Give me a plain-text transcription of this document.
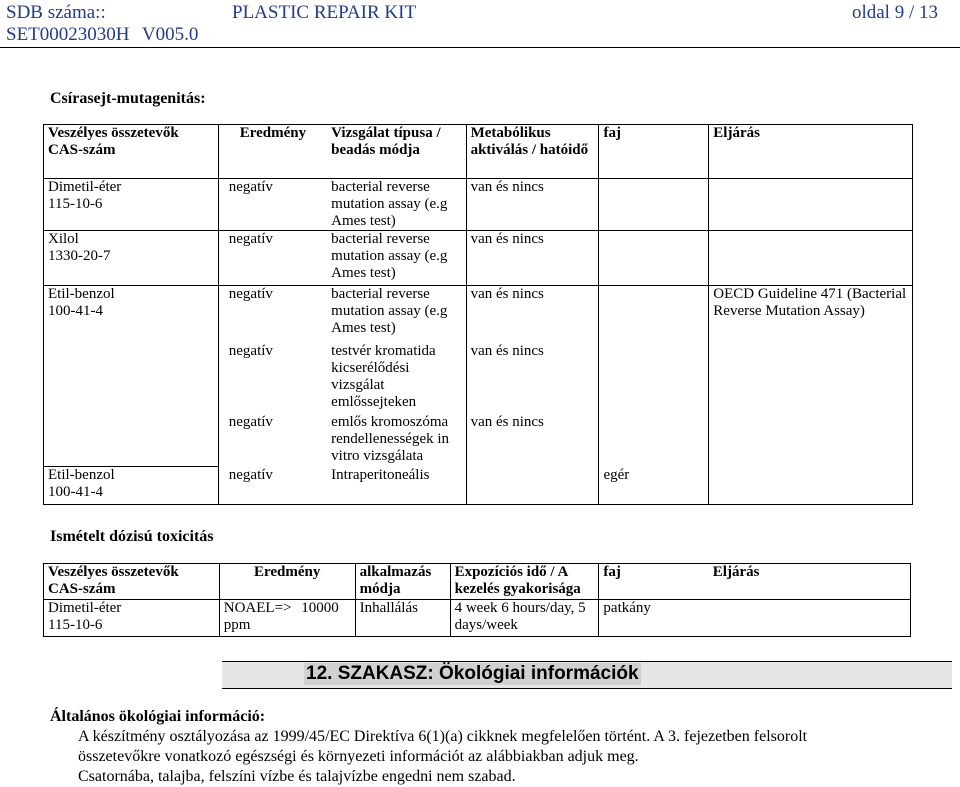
SDB száma::
SET00023030H V005.0
PLASTIC REPAIR KIT	oldal 9 / 13
Csírasejt-mutagenitás:
Veszélyes összetevők CAS-szám	Eredmény	Vizsgálat típusa / beadás módja	Metabólikus aktiválás / hatóidő	faj	Eljárás
Dimetil-éter
115-10-6	negatív	bacterial reverse mutation assay (e.g Ames test)	van és nincs		
Xilol
1330-20-7	negatív	bacterial reverse mutation assay (e.g Ames test)	van és nincs		
Etil-benzol
100-41-4	negatív	bacterial reverse mutation assay (e.g Ames test)	van és nincs		OECD Guideline 471 (Bacterial Reverse Mutation Assay)
	negatív	testvér kromatida kicserélődési vizsgálat emlőssejteken	van és nincs		
	negatív	emlős kromoszóma rendellenességek in vitro vizsgálata	van és nincs		
Etil-benzol
100-41-4	negatív	Intraperitoneális		egér	
Ismételt dózisú toxicitás
Veszélyes összetevők CAS-szám	Eredmény	alkalmazás módja	Expozíciós idő / A kezelés gyakorisága	faj	Eljárás
Dimetil-éter
115-10-6	NOAEL=> 10000 ppm	Inhallálás	4 week 6 hours/day, 5 days/week	patkány	
12. SZAKASZ: Ökológiai információk
Általános ökológiai információ:
A készítmény osztályozása az 1999/45/EC Direktíva 6(1)(a) cikknek megfelelően történt. A 3. fejezetben felsorolt
összetevőkre vonatkozó egészségi és környezeti információt az alábbiakban adjuk meg.
Csatornába, talajba, felszíni vízbe és talajvízbe engedni nem szabad.
